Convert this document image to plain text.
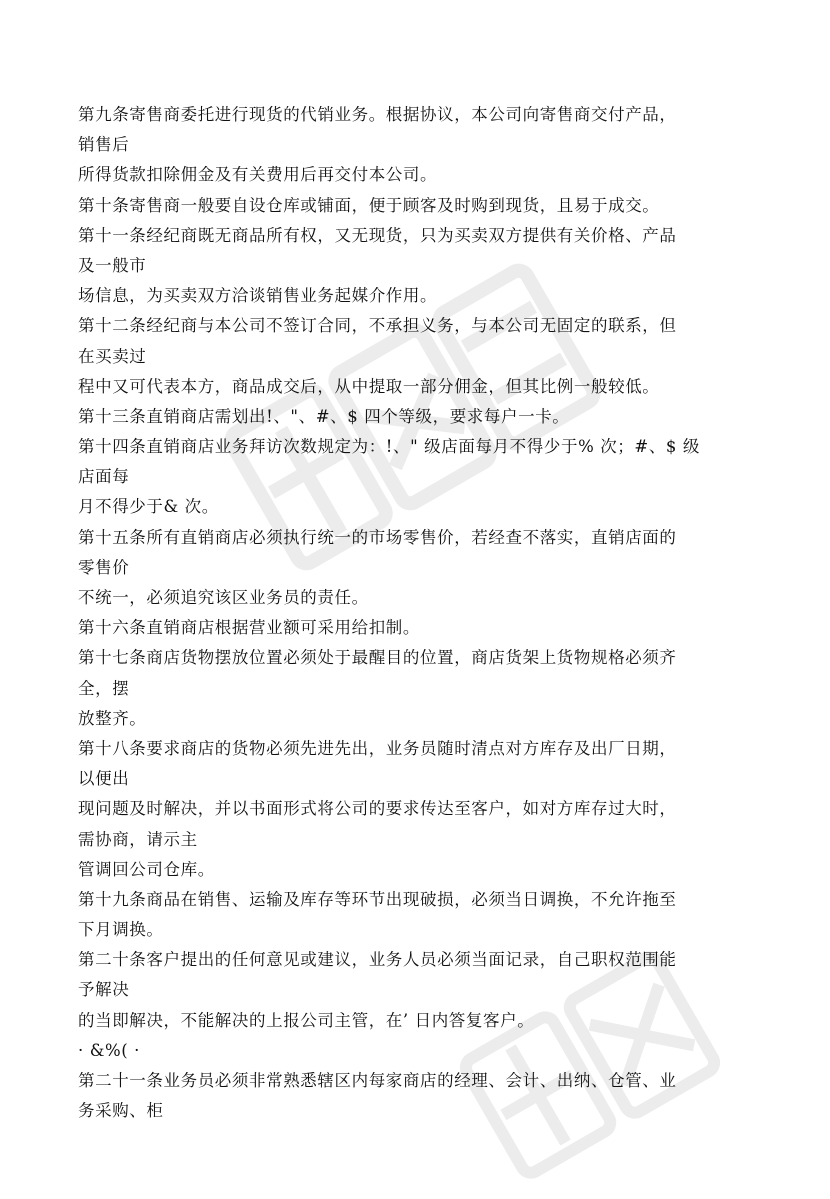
第九条寄售商委托进行现货的代销业务。根据协议，本公司向寄售商交付产品，
销售后
所得货款扣除佣金及有关费用后再交付本公司。
第十条寄售商一般要自设仓库或铺面，便于顾客及时购到现货，且易于成交。
第十一条经纪商既无商品所有权，又无现货，只为买卖双方提供有关价格、产品
及一般市
场信息，为买卖双方洽谈销售业务起媒介作用。
第十二条经纪商与本公司不签订合同，不承担义务，与本公司无固定的联系，但
在买卖过
程中又可代表本方，商品成交后，从中提取一部分佣金，但其比例一般较低。
第十三条直销商店需划出!、"、#、$ 四个等级，要求每户一卡。
第十四条直销商店业务拜访次数规定为：!、" 级店面每月不得少于% 次；#、$ 级
店面每
月不得少于& 次。
第十五条所有直销商店必须执行统一的市场零售价，若经查不落实，直销店面的
零售价
不统一，必须追究该区业务员的责任。
第十六条直销商店根据营业额可采用给扣制。
第十七条商店货物摆放位置必须处于最醒目的位置，商店货架上货物规格必须齐
全，摆
放整齐。
第十八条要求商店的货物必须先进先出，业务员随时清点对方库存及出厂日期，
以便出
现问题及时解决，并以书面形式将公司的要求传达至客户，如对方库存过大时，
需协商，请示主
管调回公司仓库。
第十九条商品在销售、运输及库存等环节出现破损，必须当日调换，不允许拖至
下月调换。
第二十条客户提出的任何意见或建议，业务人员必须当面记录，自己职权范围能
予解决
的当即解决，不能解决的上报公司主管，在’ 日内答复客户。
· &%( ·
第二十一条业务员必须非常熟悉辖区内每家商店的经理、会计、出纳、仓管、业
务采购、柜
